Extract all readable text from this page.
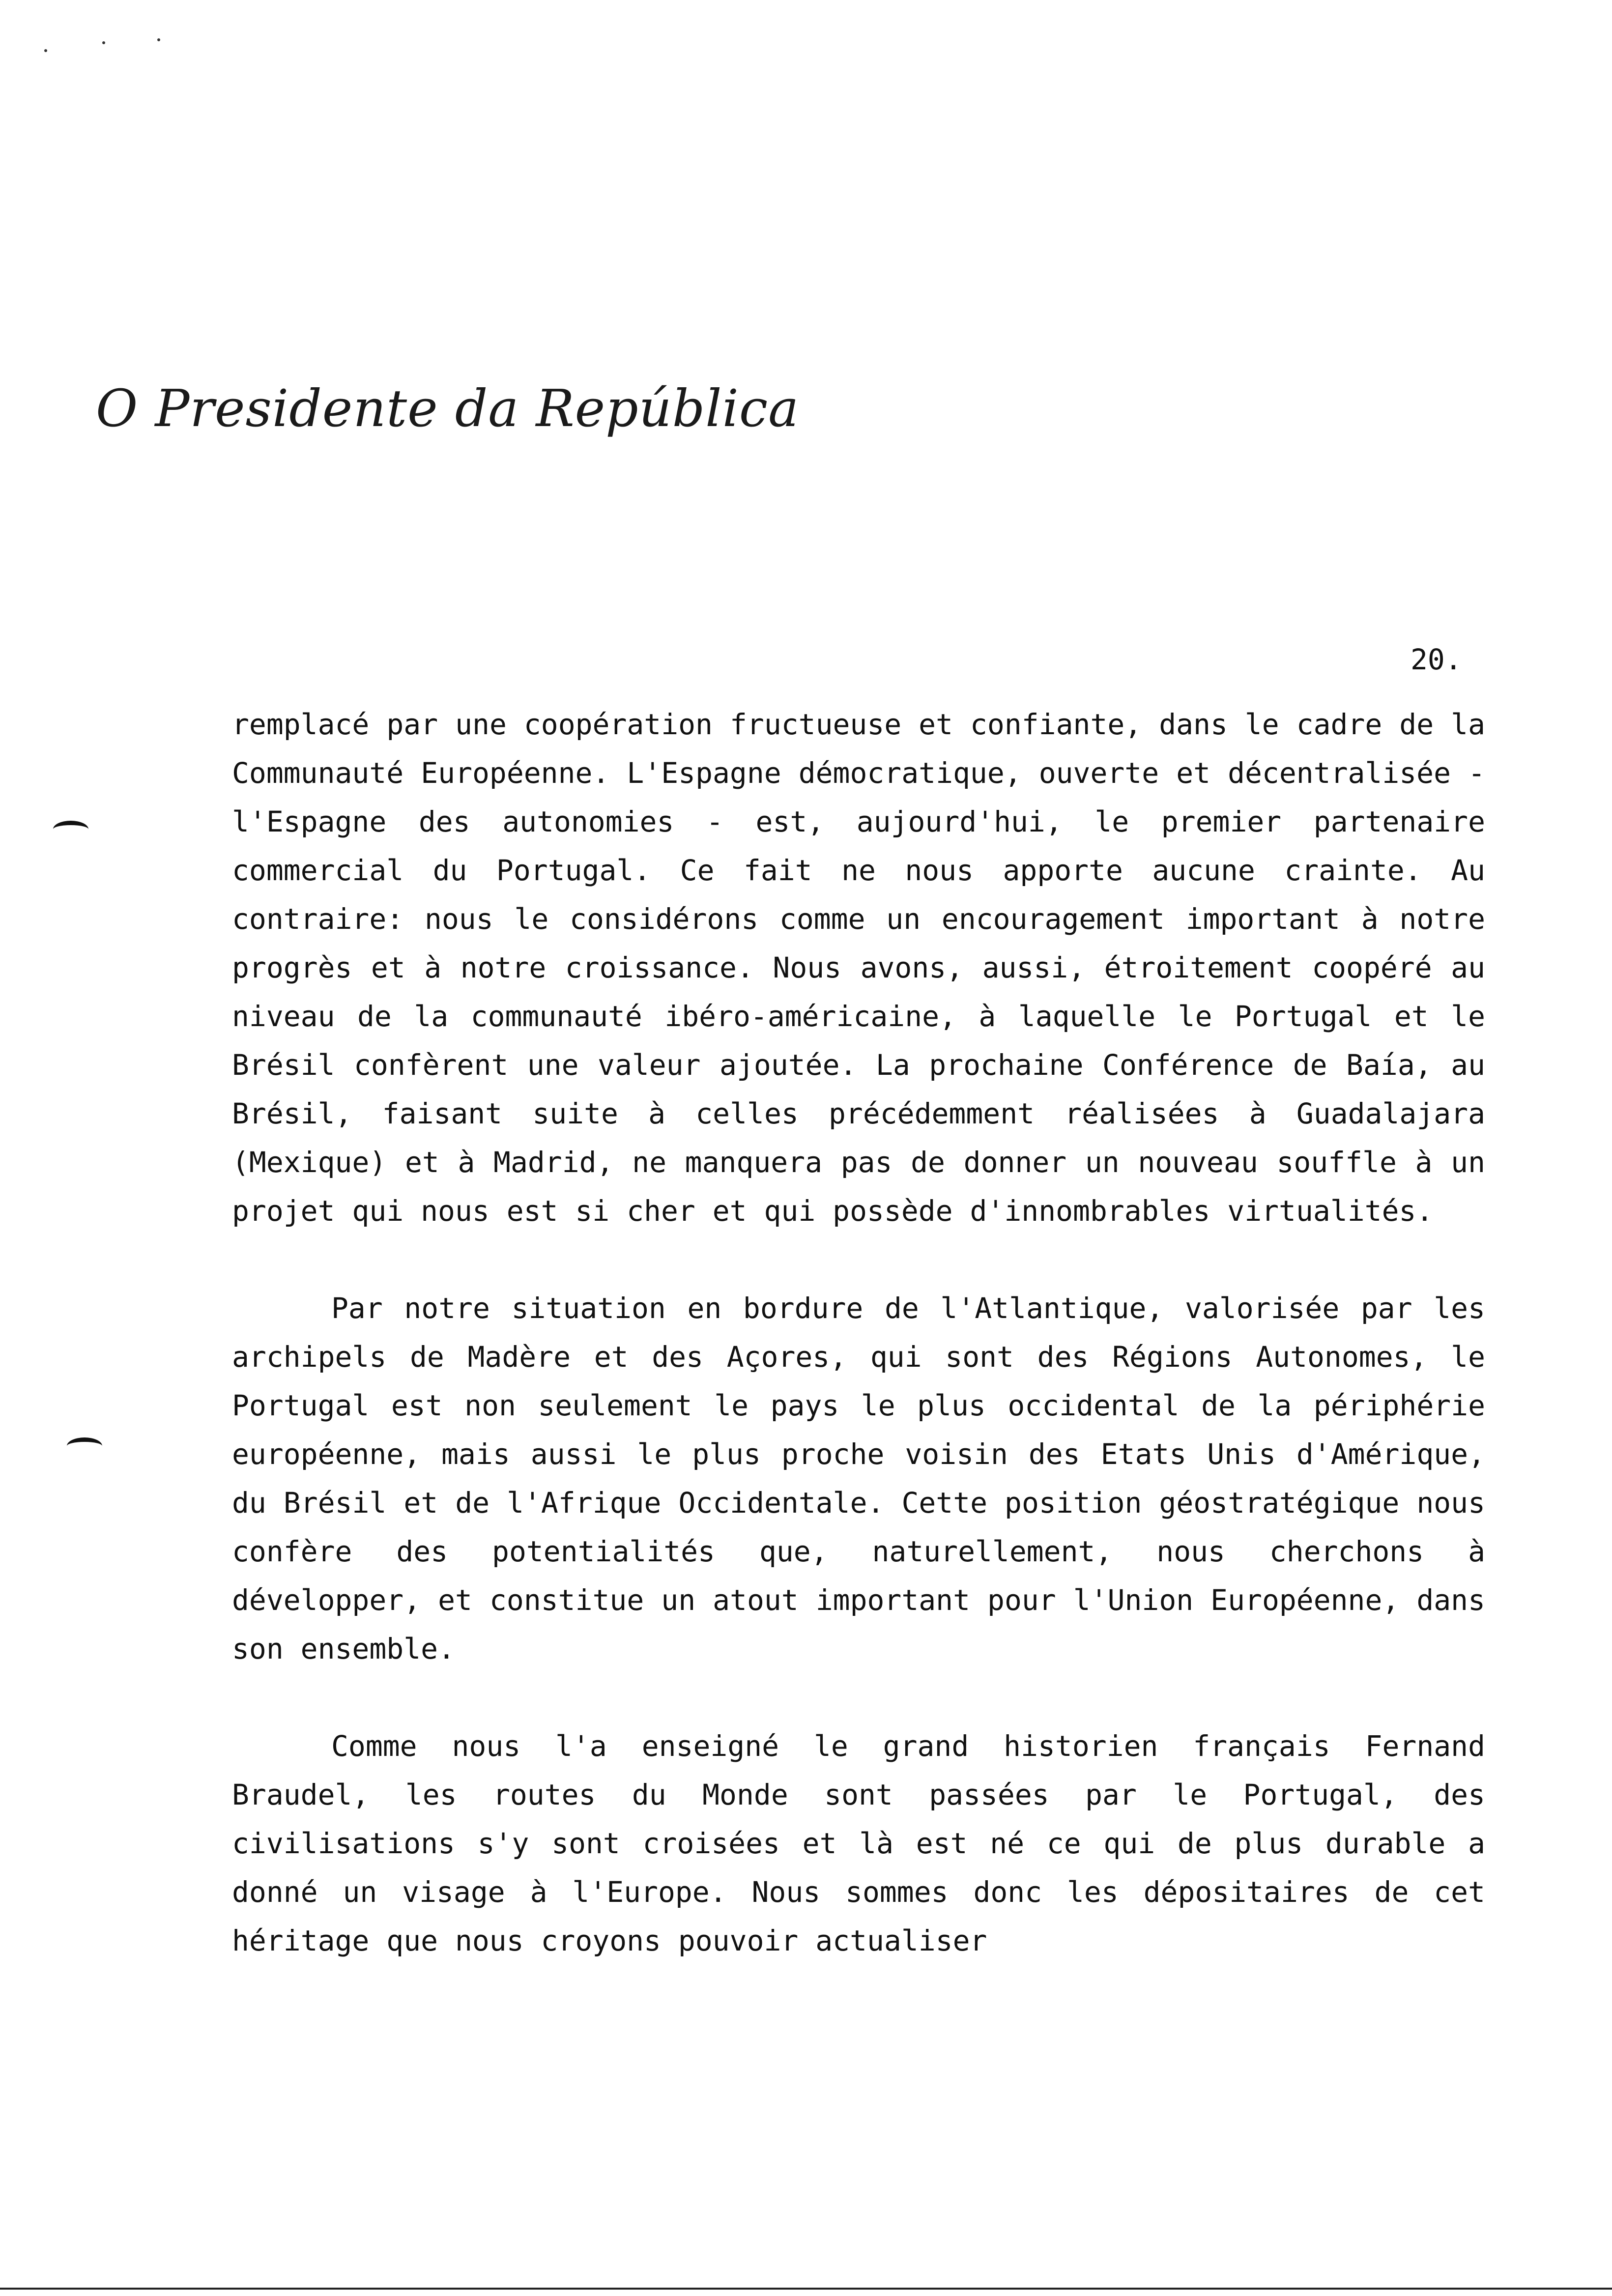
O Presidente da República
20.

remplacé par une coopération fructueuse et confiante, dans le cadre de la Communauté Européenne. L'Espagne démocratique, ouverte et décentralisée - l'Espagne des autonomies - est, aujourd'hui, le premier partenaire commercial du Portugal. Ce fait ne nous apporte aucune crainte. Au contraire: nous le considérons comme un encouragement important à notre progrès et à notre croissance. Nous avons, aussi, étroitement coopéré au niveau de la communauté ibéro-américaine, à laquelle le Portugal et le Brésil confèrent une valeur ajoutée. La prochaine Conférence de Baía, au Brésil, faisant suite à celles précédemment réalisées à Guadalajara (Mexique) et à Madrid, ne manquera pas de donner un nouveau souffle à un projet qui nous est si cher et qui possède d'innombrables virtualités.

Par notre situation en bordure de l'Atlantique, valorisée par les archipels de Madère et des Açores, qui sont des Régions Autonomes, le Portugal est non seulement le pays le plus occidental de la périphérie européenne, mais aussi le plus proche voisin des Etats Unis d'Amérique, du Brésil et de l'Afrique Occidentale. Cette position géostratégique nous confère des potentialités que, naturellement, nous cherchons à développer, et constitue un atout important pour l'Union Européenne, dans son ensemble.

Comme nous l'a enseigné le grand historien français Fernand Braudel, les routes du Monde sont passées par le Portugal, des civilisations s'y sont croisées et là est né ce qui de plus durable a donné un visage à l'Europe. Nous sommes donc les dépositaires de cet héritage que nous croyons pouvoir actualiser
